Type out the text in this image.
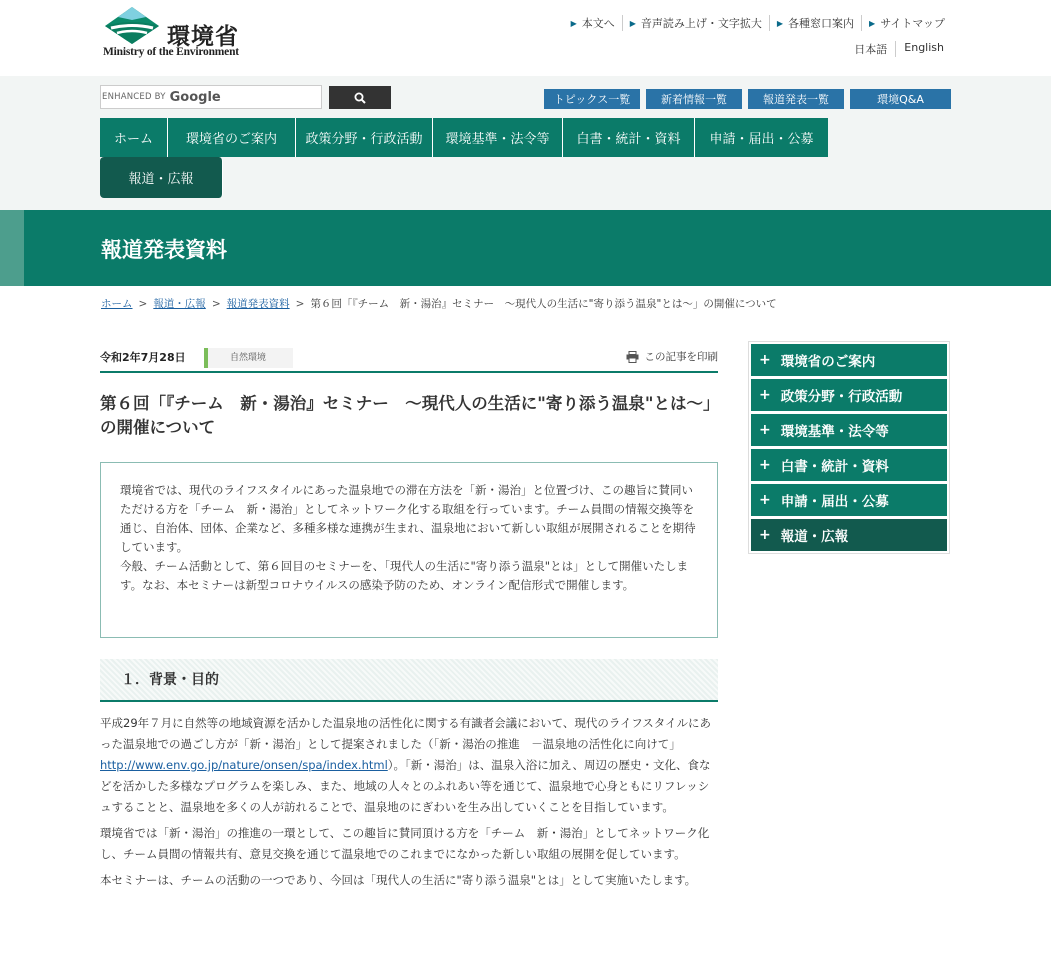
環境省
Ministry of the Environment
▶ 本文へ ▶ 音声読み上げ・文字拡大 ▶ 各種窓口案内 ▶ サイトマップ
日本語	English
ENHANCED BY Google	トピックス一覧	新着情報一覧	報道発表一覧	環境Q&A
ホーム	環境省のご案内	政策分野・行政活動	環境基準・法令等	白書・統計・資料	申請・届出・公募
報道・広報
報道発表資料
ホーム > 報道・広報 > 報道発表資料 > 第６回「『チーム　新・湯治』セミナー　～現代人の生活に"寄り添う温泉"とは～」の開催について
令和2年7月28日	自然環境	この記事を印刷
第６回「『チーム　新・湯治』セミナー　～現代人の生活に"寄り添う温泉"とは～」の開催について
環境省では、現代のライフスタイルにあった温泉地での滞在方法を「新・湯治」と位置づけ、この趣旨に賛同いただける方を「チーム　新・湯治」としてネットワーク化する取組を行っています。チーム員間の情報交換等を通じ、自治体、団体、企業など、多種多様な連携が生まれ、温泉地において新しい取組が展開されることを期待しています。
今般、チーム活動として、第６回目のセミナーを、「現代人の生活に"寄り添う温泉"とは」として開催いたします。なお、本セミナーは新型コロナウイルスの感染予防のため、オンライン配信形式で開催します。
１．背景・目的

平成29年７月に自然等の地域資源を活かした温泉地の活性化に関する有識者会議において、現代のライフスタイルにあった温泉地での過ごし方が「新・湯治」として提案されました（「新・湯治の推進　－温泉地の活性化に向けて」http://www.env.go.jp/nature/onsen/spa/index.html）。「新・湯治」は、温泉入浴に加え、周辺の歴史・文化、食などを活かした多様なプログラムを楽しみ、また、地域の人々とのふれあい等を通じて、温泉地で心身ともにリフレッシュすることと、温泉地を多くの人が訪れることで、温泉地のにぎわいを生み出していくことを目指しています。

環境省では「新・湯治」の推進の一環として、この趣旨に賛同頂ける方を「チーム　新・湯治」としてネットワーク化し、チーム員間の情報共有、意見交換を通じて温泉地でのこれまでになかった新しい取組の展開を促しています。

本セミナーは、チームの活動の一つであり、今回は「現代人の生活に"寄り添う温泉"とは」として実施いたします。

+ 環境省のご案内
+ 政策分野・行政活動
+ 環境基準・法令等
+ 白書・統計・資料
+ 申請・届出・公募
+ 報道・広報
